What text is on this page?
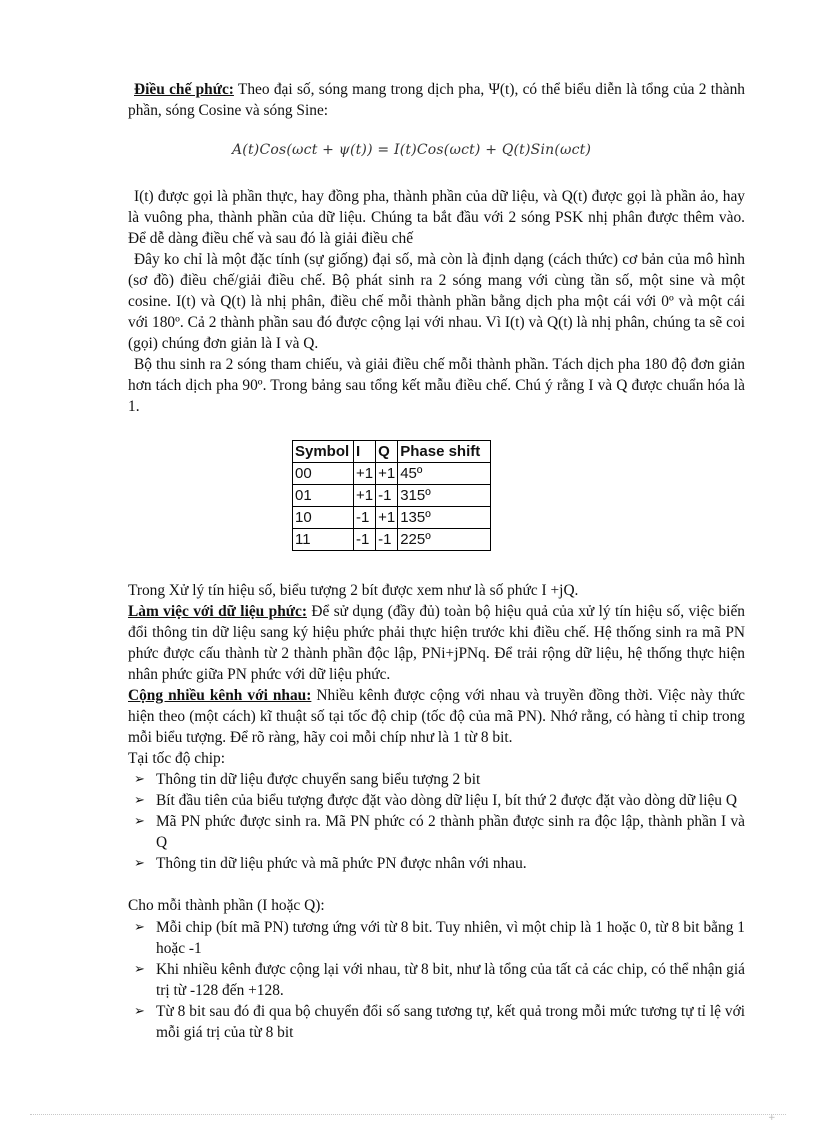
Điều chế phức: Theo đại số, sóng mang trong dịch pha, Ψ(t), có thể biểu diễn là tổng của 2 thành phần, sóng Cosine và sóng Sine:

A(t)Cos(ωct + ψ(t)) = I(t)Cos(ωct) + Q(t)Sin(ωct)

I(t) được gọi là phần thực, hay đồng pha, thành phần của dữ liệu, và Q(t) được gọi là phần ảo, hay là vuông pha, thành phần của dữ liệu. Chúng ta bắt đầu với 2 sóng PSK nhị phân được thêm vào. Để dễ dàng điều chế và sau đó là giải điều chế

Đây ko chỉ là một đặc tính (sự giống) đại số, mà còn là định dạng (cách thức) cơ bản của mô hình (sơ đồ) điều chế/giải điều chế. Bộ phát sinh ra 2 sóng mang với cùng tần số, một sine và một cosine. I(t) và Q(t) là nhị phân, điều chế mỗi thành phần bằng dịch pha một cái với 0º và một cái với 180º. Cả 2 thành phần sau đó được cộng lại với nhau. Vì I(t) và Q(t) là nhị phân, chúng ta sẽ coi (gọi) chúng đơn giản là I và Q.

Bộ thu sinh ra 2 sóng tham chiếu, và giải điều chế mỗi thành phần. Tách dịch pha 180 độ đơn giản hơn tách dịch pha 90º. Trong bảng sau tổng kết mẫu điều chế. Chú ý rằng I và Q được chuẩn hóa là 1.

Symbol	I	Q	Phase shift
00	+1	+1	45º
01	+1	-1	315º
10	-1	+1	135º
11	-1	-1	225º

Trong Xử lý tín hiệu số, biểu tượng 2 bít được xem như là số phức I +jQ.

Làm việc với dữ liệu phức: Để sử dụng (đầy đủ) toàn bộ hiệu quả của xử lý tín hiệu số, việc biến đổi thông tin dữ liệu sang ký hiệu phức phải thực hiện trước khi điều chế. Hệ thống sinh ra mã PN phức được cấu thành từ 2 thành phần độc lập, PNi+jPNq. Để trải rộng dữ liệu, hệ thống thực hiện nhân phức giữa PN phức với dữ liệu phức.

Cộng nhiều kênh với nhau: Nhiều kênh được cộng với nhau và truyền đồng thời. Việc này thức hiện theo (một cách) kĩ thuật số tại tốc độ chip (tốc độ của mã PN). Nhớ rằng, có hàng tỉ chip trong mỗi biểu tượng. Để rõ ràng, hãy coi mỗi chíp như là 1 từ 8 bit.

Tại tốc độ chip:

➢ Thông tin dữ liệu được chuyển sang biểu tượng 2 bit
➢ Bít đầu tiên của biểu tượng được đặt vào dòng dữ liệu I, bít thứ 2 được đặt vào dòng dữ liệu Q
➢ Mã PN phức được sinh ra. Mã PN phức có 2 thành phần được sinh ra độc lập, thành phần I và Q
➢ Thông tin dữ liệu phức và mã phức PN được nhân với nhau.

Cho mỗi thành phần (I hoặc Q):

➢ Mỗi chip (bít mã PN) tương ứng với từ 8 bit. Tuy nhiên, vì một chip là 1 hoặc 0, từ 8 bit bằng 1 hoặc -1
➢ Khi nhiều kênh được cộng lại với nhau, từ 8 bit, như là tổng của tất cả các chip, có thể nhận giá trị từ -128 đến +128.
➢ Từ 8 bit sau đó đi qua bộ chuyển đổi số sang tương tự, kết quả trong mỗi mức tương tự tỉ lệ với mỗi giá trị của từ 8 bit
+
